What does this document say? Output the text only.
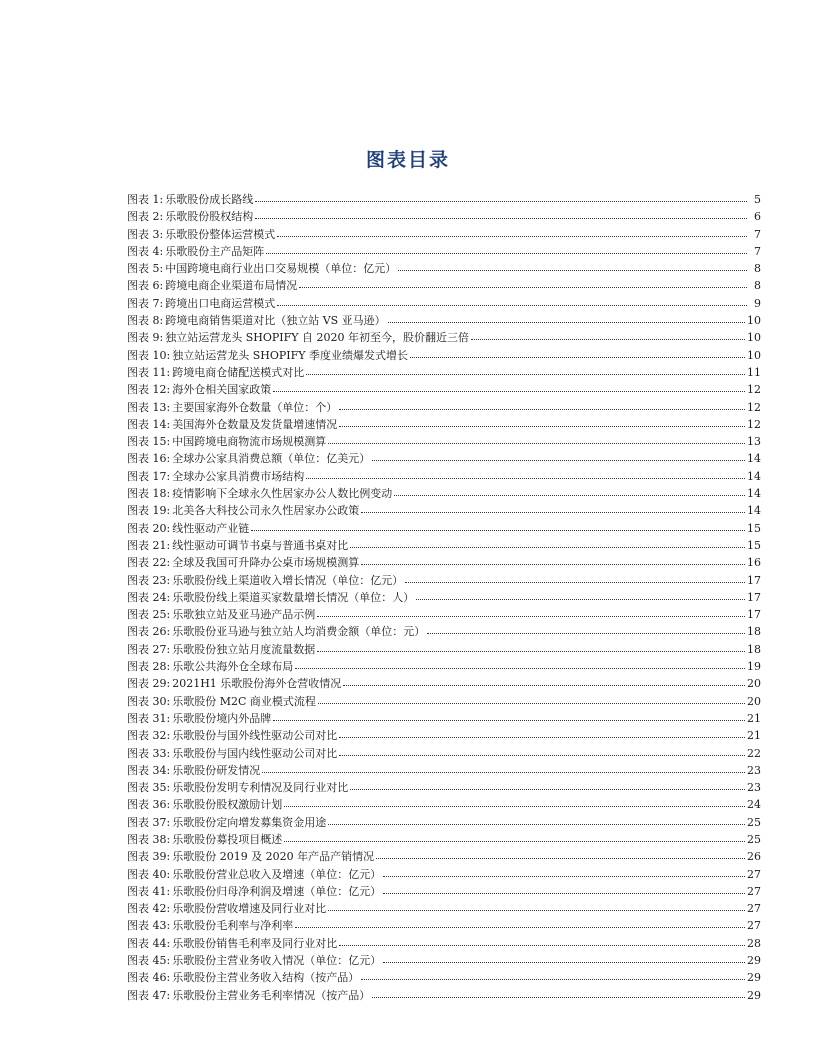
图表目录
图表 1: 乐歌股份成长路线	5
图表 2: 乐歌股份股权结构	6
图表 3: 乐歌股份整体运营模式	7
图表 4: 乐歌股份主产品矩阵	7
图表 5: 中国跨境电商行业出口交易规模（单位：亿元）	8
图表 6: 跨境电商企业渠道布局情况	8
图表 7: 跨境出口电商运营模式	9
图表 8: 跨境电商销售渠道对比（独立站 VS 亚马逊）	10
图表 9: 独立站运营龙头 SHOPIFY 自 2020 年初至今，股价翻近三倍	10
图表 10: 独立站运营龙头 SHOPIFY 季度业绩爆发式增长	10
图表 11: 跨境电商仓储配送模式对比	11
图表 12: 海外仓相关国家政策	12
图表 13: 主要国家海外仓数量（单位：个）	12
图表 14: 美国海外仓数量及发货量增速情况	12
图表 15: 中国跨境电商物流市场规模测算	13
图表 16: 全球办公家具消费总额（单位：亿美元）	14
图表 17: 全球办公家具消费市场结构	14
图表 18: 疫情影响下全球永久性居家办公人数比例变动	14
图表 19: 北美各大科技公司永久性居家办公政策	14
图表 20: 线性驱动产业链	15
图表 21: 线性驱动可调节书桌与普通书桌对比	15
图表 22: 全球及我国可升降办公桌市场规模测算	16
图表 23: 乐歌股份线上渠道收入增长情况（单位：亿元）	17
图表 24: 乐歌股份线上渠道买家数量增长情况（单位：人）	17
图表 25: 乐歌独立站及亚马逊产品示例	17
图表 26: 乐歌股份亚马逊与独立站人均消费金额（单位：元）	18
图表 27: 乐歌股份独立站月度流量数据	18
图表 28: 乐歌公共海外仓全球布局	19
图表 29: 2021H1 乐歌股份海外仓营收情况	20
图表 30: 乐歌股份 M2C 商业模式流程	20
图表 31: 乐歌股份境内外品牌	21
图表 32: 乐歌股份与国外线性驱动公司对比	21
图表 33: 乐歌股份与国内线性驱动公司对比	22
图表 34: 乐歌股份研发情况	23
图表 35: 乐歌股份发明专利情况及同行业对比	23
图表 36: 乐歌股份股权激励计划	24
图表 37: 乐歌股份定向增发募集资金用途	25
图表 38: 乐歌股份募投项目概述	25
图表 39: 乐歌股份 2019 及 2020 年产品产销情况	26
图表 40: 乐歌股份营业总收入及增速（单位：亿元）	27
图表 41: 乐歌股份归母净利润及增速（单位：亿元）	27
图表 42: 乐歌股份营收增速及同行业对比	27
图表 43: 乐歌股份毛利率与净利率	27
图表 44: 乐歌股份销售毛利率及同行业对比	28
图表 45: 乐歌股份主营业务收入情况（单位：亿元）	29
图表 46: 乐歌股份主营业务收入结构（按产品）	29
图表 47: 乐歌股份主营业务毛利率情况（按产品）	29
